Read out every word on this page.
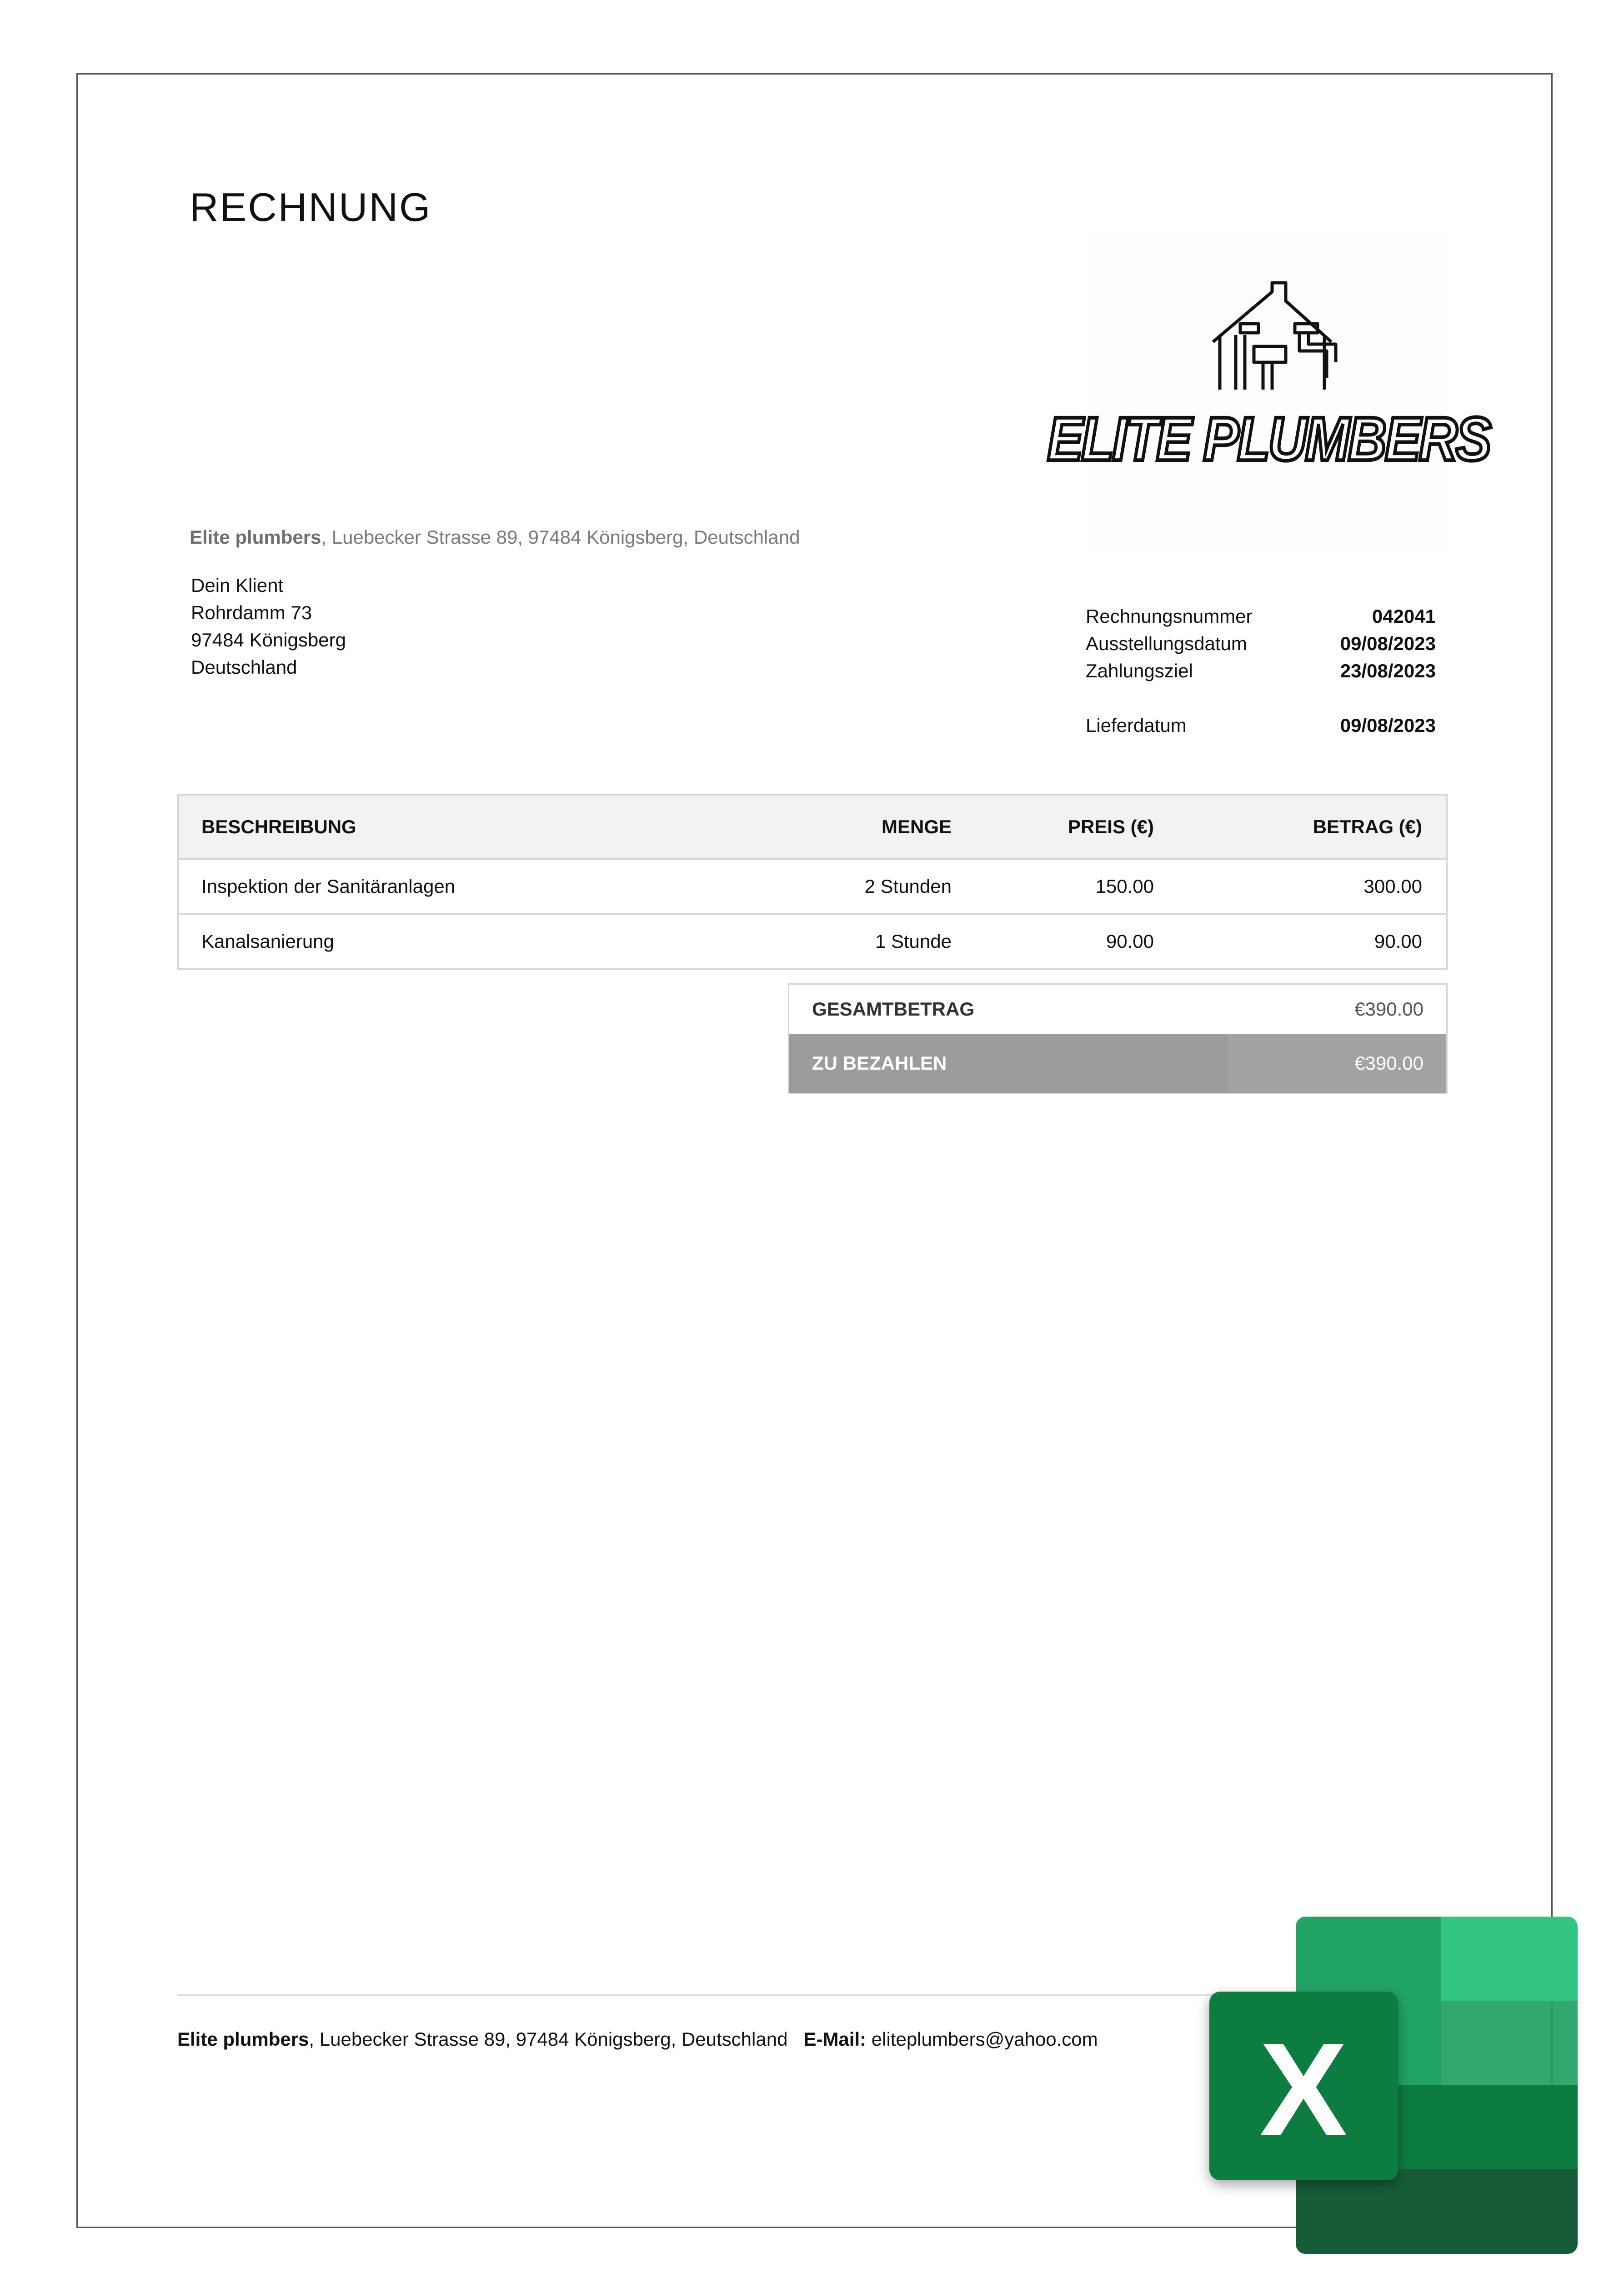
RECHNUNG
ELITE PLUMBERS
Elite plumbers, Luebecker Strasse 89, 97484 Königsberg, Deutschland
Dein Klient
Rohrdamm 73
97484 Königsberg
Deutschland
Rechnungsnummer	042041
Ausstellungsdatum	09/08/2023
Zahlungsziel	23/08/2023
Lieferdatum	09/08/2023
BESCHREIBUNG	MENGE	PREIS (€)	BETRAG (€)
Inspektion der Sanitäranlagen	2 Stunden	150.00	300.00
Kanalsanierung	1 Stunde	90.00	90.00
GESAMTBETRAG	€390.00
ZU BEZAHLEN	€390.00
Elite plumbers, Luebecker Strasse 89, 97484 Königsberg, Deutschland E-Mail: eliteplumbers@yahoo.com X
